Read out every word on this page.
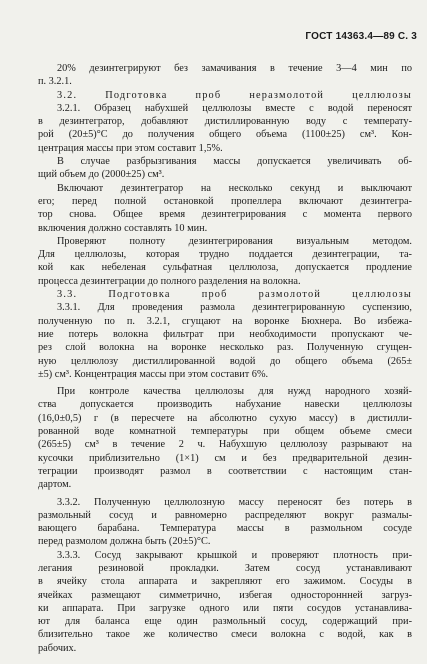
ГОСТ 14363.4—89 С. 3
20% дезинтегрируют без замачивания в течение 3—4 мин по
п. 3.2.1.
3.2. Подготовка проб неразмолотой целлюлозы
3.2.1. Образец набухшей целлюлозы вместе с водой переносят
в дезинтегратор, добавляют дистиллированную воду с температу-
рой (20±5)°С до получения общего объема (1100±25) см³. Кон-
центрация массы при этом составит 1,5%.
В случае разбрызгивания массы допускается увеличивать об-
щий объем до (2000±25) см³.
Включают дезинтегратор на несколько секунд и выключают
его; перед полной остановкой пропеллера включают дезинтегра-
тор снова. Общее время дезинтегрирования с момента первого
включения должно составлять 10 мин.
Проверяют полноту дезинтегрирования визуальным методом.
Для целлюлозы, которая трудно поддается дезинтеграции, та-
кой как небеленая сульфатная целлюлоза, допускается продление
процесса дезинтеграции до полного разделения на волокна.
3.3. Подготовка проб размолотой целлюлозы
3.3.1. Для проведения размола дезинтегрированную суспензию,
полученную по п. 3.2.1, сгущают на воронке Бюхнера. Во избежа-
ние потерь волокна фильтрат при необходимости пропускают че-
рез слой волокна на воронке несколько раз. Полученную сгущен-
ную целлюлозу дистиллированной водой до общего объема (265±
±5) см³. Концентрация массы при этом составит 6%.
При контроле качества целлюлозы для нужд народного хозяй-
ства допускается производить набухание навески целлюлозы
(16,0±0,5) г (в пересчете на абсолютно сухую массу) в дистилли-
рованной воде комнатной температуры при общем объеме смеси
(265±5) см³ в течение 2 ч. Набухшую целлюлозу разрывают на
кусочки приблизительно (1×1) см и без предварительной дезин-
теграции производят размол в соответствии с настоящим стан-
дартом.
3.3.2. Полученную целлюлозную массу переносят без потерь в
размольный сосуд и равномерно распределяют вокруг размалы-
вающего барабана. Температура массы в размольном сосуде
перед размолом должна быть (20±5)°С.
3.3.3. Сосуд закрывают крышкой и проверяют плотность при-
легания резиновой прокладки. Затем сосуд устанавливают
в ячейку стола аппарата и закрепляют его зажимом. Сосуды в
ячейках размещают симметрично, избегая одностороннней загруз-
ки аппарата. При загрузке одного или пяти сосудов устанавлива-
ют для баланса еще один размольный сосуд, содержащий при-
близительно такое же количество смеси волокна с водой, как в
рабочих.
